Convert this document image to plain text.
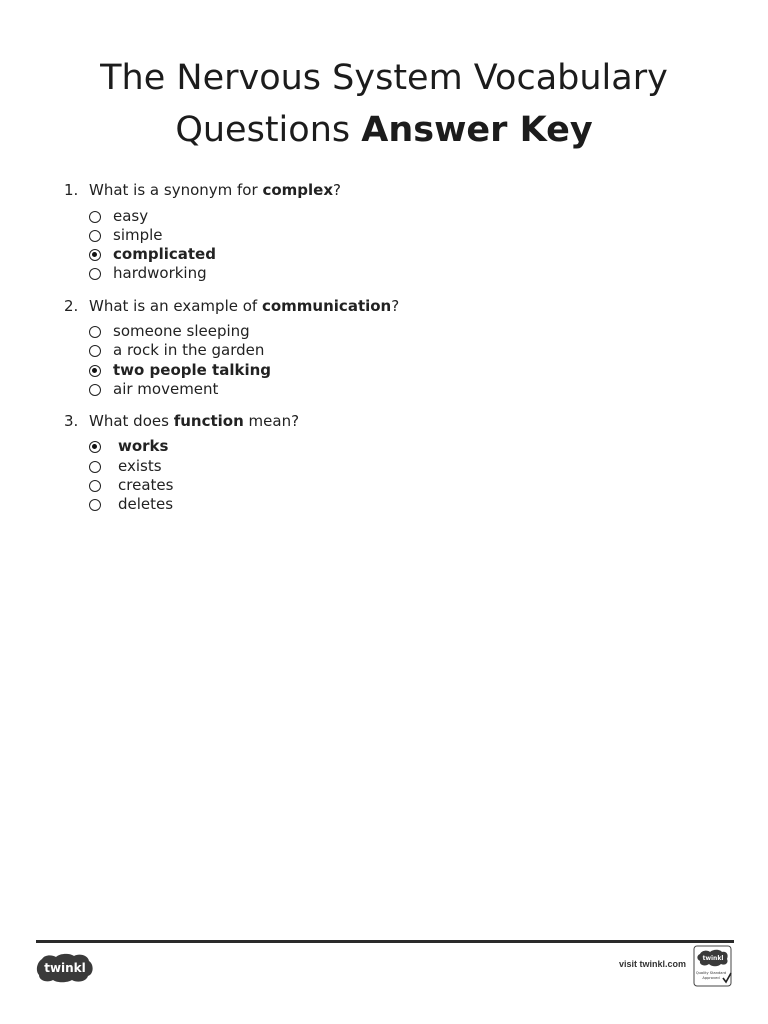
The Nervous System Vocabulary
Questions Answer Key
1. What is a synonym for complex?
easy
simple
complicated
hardworking
2. What is an example of communication?
someone sleeping
a rock in the garden
two people talking
air movement
3. What does function mean?
works
exists
creates
deletes
twinkl	visit twinkl.com
twinkl
Quality Standard
Approved
